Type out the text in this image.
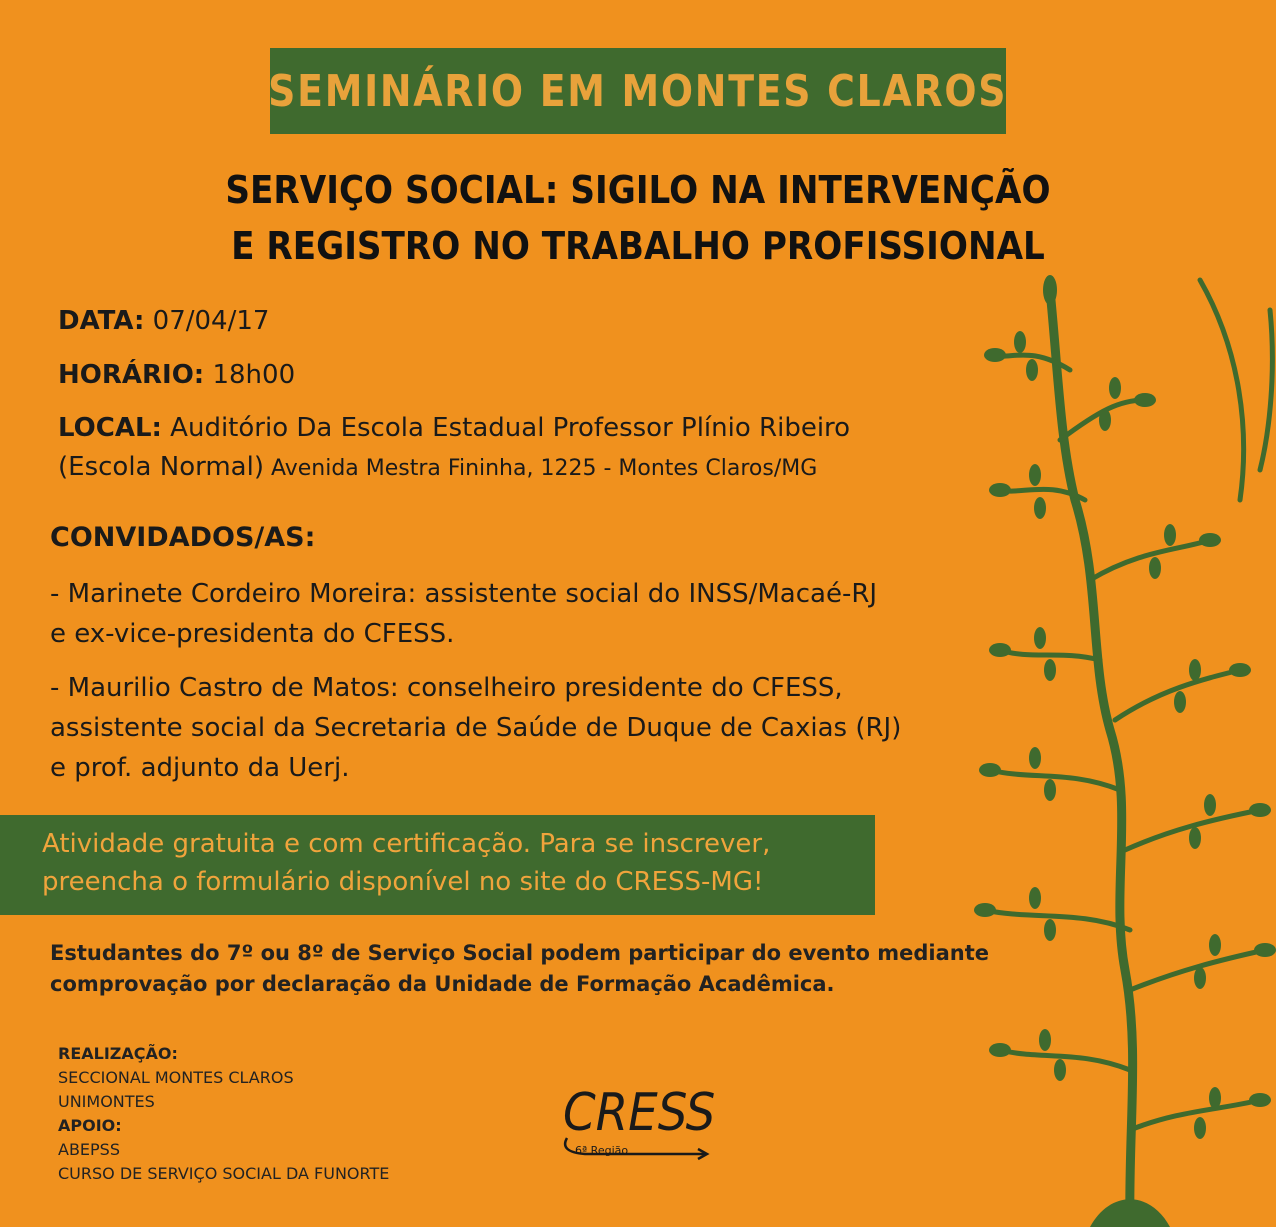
SEMINÁRIO EM MONTES CLAROS
SERVIÇO SOCIAL: SIGILO NA INTERVENÇÃO
E REGISTRO NO TRABALHO PROFISSIONAL
DATA: 07/04/17
HORÁRIO: 18h00
LOCAL: Auditório Da Escola Estadual Professor Plínio Ribeiro
(Escola Normal) Avenida Mestra Fininha, 1225 - Montes Claros/MG
CONVIDADOS/AS:
- Marinete Cordeiro Moreira: assistente social do INSS/Macaé-RJ
e ex-vice-presidenta do CFESS.
- Maurilio Castro de Matos: conselheiro presidente do CFESS,
assistente social da Secretaria de Saúde de Duque de Caxias (RJ)
e prof. adjunto da Uerj.
Atividade gratuita e com certificação. Para se inscrever,
preencha o formulário disponível no site do CRESS-MG!
Estudantes do 7º ou 8º de Serviço Social podem participar do evento mediante
comprovação por declaração da Unidade de Formação Acadêmica.
REALIZAÇÃO:
SECCIONAL MONTES CLAROS
UNIMONTES
APOIO:
ABEPSS
CURSO DE SERVIÇO SOCIAL DA FUNORTE
CRESS
6ª Região
